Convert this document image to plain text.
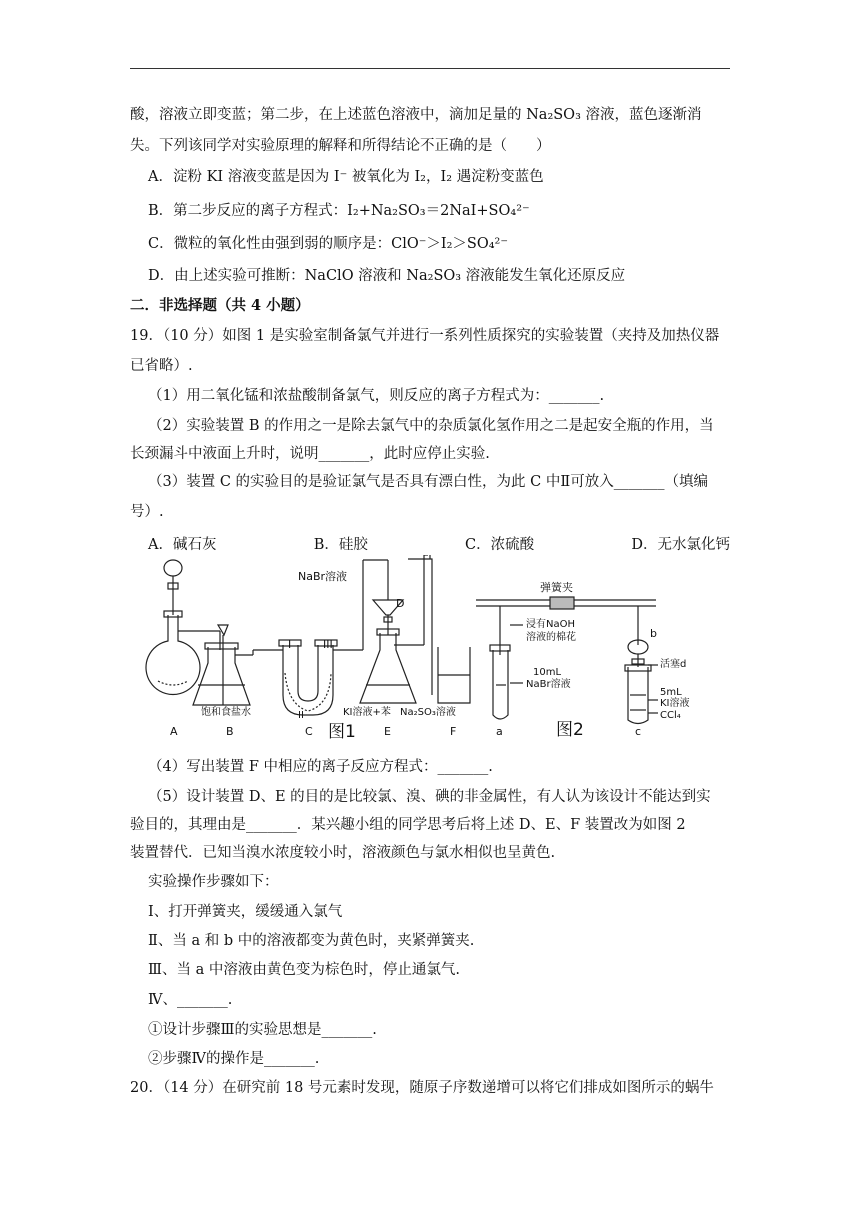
酸，溶液立即变蓝；第二步，在上述蓝色溶液中，滴加足量的 Na₂SO₃ 溶液，蓝色逐渐消
失。下列该同学对实验原理的解释和所得结论不正确的是（　　）
A．淀粉 KI 溶液变蓝是因为 I⁻ 被氧化为 I₂，I₂ 遇淀粉变蓝色
B．第二步反应的离子方程式：I₂+Na₂SO₃＝2NaI+SO₄²⁻
C．微粒的氧化性由强到弱的顺序是：ClO⁻＞I₂＞SO₄²⁻
D．由上述实验可推断：NaClO 溶液和 Na₂SO₃ 溶液能发生氧化还原反应
二．非选择题（共 4 小题）
19．（10 分）如图 1 是实验室制备氯气并进行一系列性质探究的实验装置（夹持及加热仪器
已省略）.
（1）用二氧化锰和浓盐酸制备氯气，则反应的离子方程式为：_______.
（2）实验装置 B 的作用之一是除去氯气中的杂质氯化氢作用之二是起安全瓶的作用，当
长颈漏斗中液面上升时，说明_______，此时应停止实验.
（3）装置 C 的实验目的是验证氯气是否具有漂白性，为此 C 中Ⅱ可放入_______（填编
号）.
A．碱石灰	B．硅胶	C．浓硫酸	D．无水氯化钙
NaBr溶液
D
I	III
II
饱和食盐水	KI溶液+苯 Na₂SO₃溶液
A	B	C	E	F
图1
弹簧夹
浸有NaOH
溶液的棉花	b
活塞d
10mL
NaBr溶液
5mL
KI溶液
CCl₄
a	c
图2
（4）写出装置 F 中相应的离子反应方程式：_______.
（5）设计装置 D、E 的目的是比较氯、溴、碘的非金属性，有人认为该设计不能达到实
验目的，其理由是_______．某兴趣小组的同学思考后将上述 D、E、F 装置改为如图 2
装置替代．已知当溴水浓度较小时，溶液颜色与氯水相似也呈黄色.
实验操作步骤如下：
Ⅰ、打开弹簧夹，缓缓通入氯气
Ⅱ、当 a 和 b 中的溶液都变为黄色时，夹紧弹簧夹.
Ⅲ、当 a 中溶液由黄色变为棕色时，停止通氯气.
Ⅳ、_______.
①设计步骤Ⅲ的实验思想是_______.
②步骤Ⅳ的操作是_______.
20．（14 分）在研究前 18 号元素时发现，随原子序数递增可以将它们排成如图所示的蜗牛
